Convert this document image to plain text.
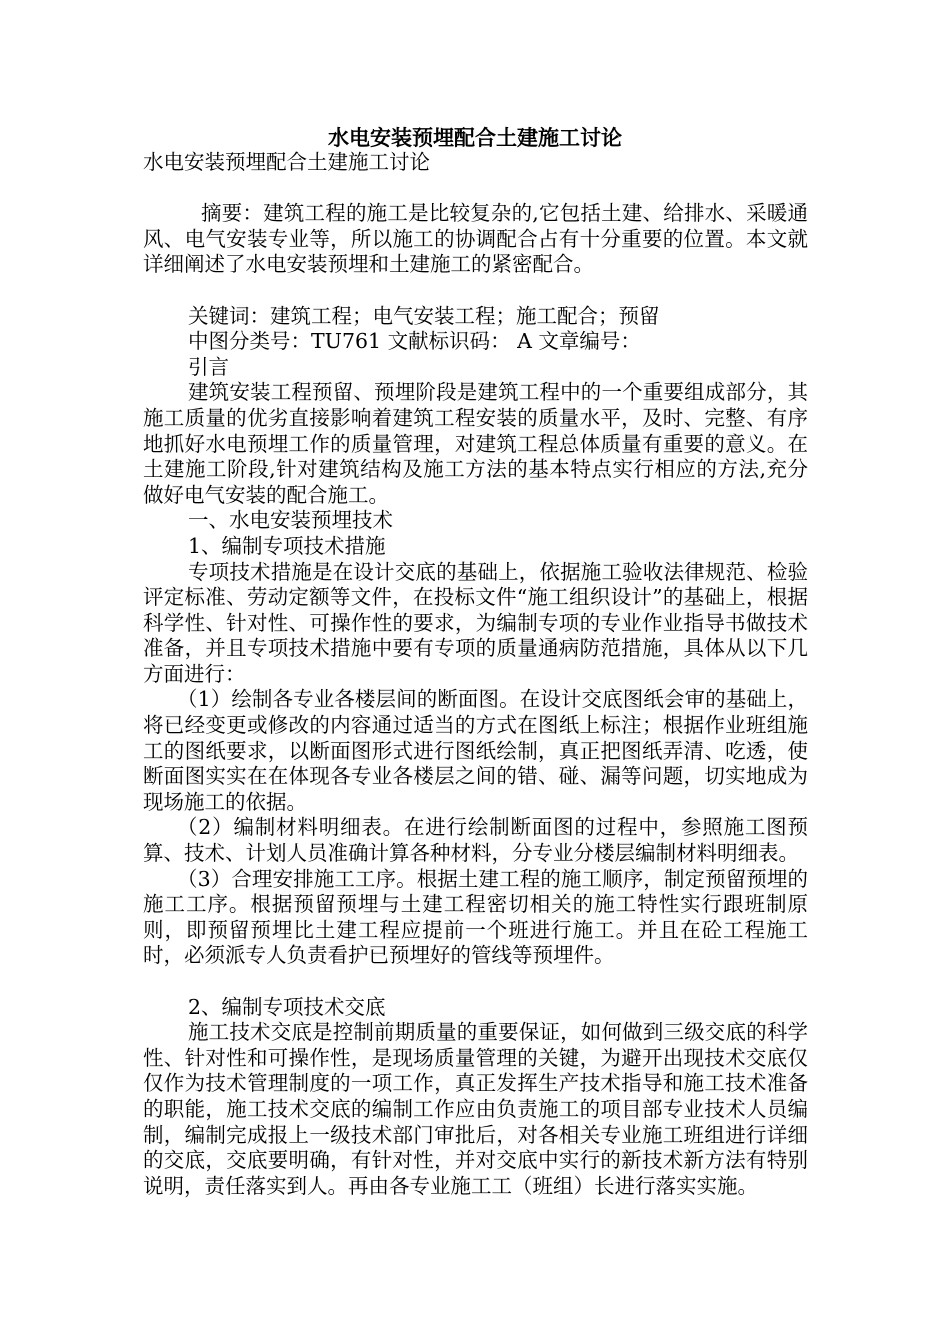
水电安装预埋配合土建施工讨论

水电安装预埋配合土建施工讨论

摘要：建筑工程的施工是比较复杂的,它包括土建、给排水、采暖通风、电气安装专业等，所以施工的协调配合占有十分重要的位置。本文就详细阐述了水电安装预埋和土建施工的紧密配合。

关键词：建筑工程；电气安装工程；施工配合；预留

中图分类号：TU761 文献标识码： A 文章编号：

引言

建筑安装工程预留、预埋阶段是建筑工程中的一个重要组成部分，其施工质量的优劣直接影响着建筑工程安装的质量水平，及时、完整、有序地抓好水电预埋工作的质量管理，对建筑工程总体质量有重要的意义。在土建施工阶段,针对建筑结构及施工方法的基本特点实行相应的方法,充分做好电气安装的配合施工。

一、水电安装预埋技术

1、编制专项技术措施

专项技术措施是在设计交底的基础上，依据施工验收法律规范、检验评定标准、劳动定额等文件，在投标文件“施工组织设计”的基础上，根据科学性、针对性、可操作性的要求，为编制专项的专业作业指导书做技术准备，并且专项技术措施中要有专项的质量通病防范措施，具体从以下几方面进行：

（1）绘制各专业各楼层间的断面图。在设计交底图纸会审的基础上，将已经变更或修改的内容通过适当的方式在图纸上标注；根据作业班组施工的图纸要求，以断面图形式进行图纸绘制，真正把图纸弄清、吃透，使断面图实实在在体现各专业各楼层之间的错、碰、漏等问题，切实地成为现场施工的依据。

（2）编制材料明细表。在进行绘制断面图的过程中，参照施工图预算、技术、计划人员准确计算各种材料，分专业分楼层编制材料明细表。

（3）合理安排施工工序。根据土建工程的施工顺序，制定预留预埋的施工工序。根据预留预埋与土建工程密切相关的施工特性实行跟班制原则，即预留预埋比土建工程应提前一个班进行施工。并且在砼工程施工时，必须派专人负责看护已预埋好的管线等预埋件。

2、编制专项技术交底

施工技术交底是控制前期质量的重要保证，如何做到三级交底的科学性、针对性和可操作性，是现场质量管理的关键，为避开出现技术交底仅仅作为技术管理制度的一项工作，真正发挥生产技术指导和施工技术准备的职能，施工技术交底的编制工作应由负责施工的项目部专业技术人员编制，编制完成报上一级技术部门审批后，对各相关专业施工班组进行详细的交底，交底要明确，有针对性，并对交底中实行的新技术新方法有特别说明，责任落实到人。再由各专业施工工（班组）长进行落实实施。
